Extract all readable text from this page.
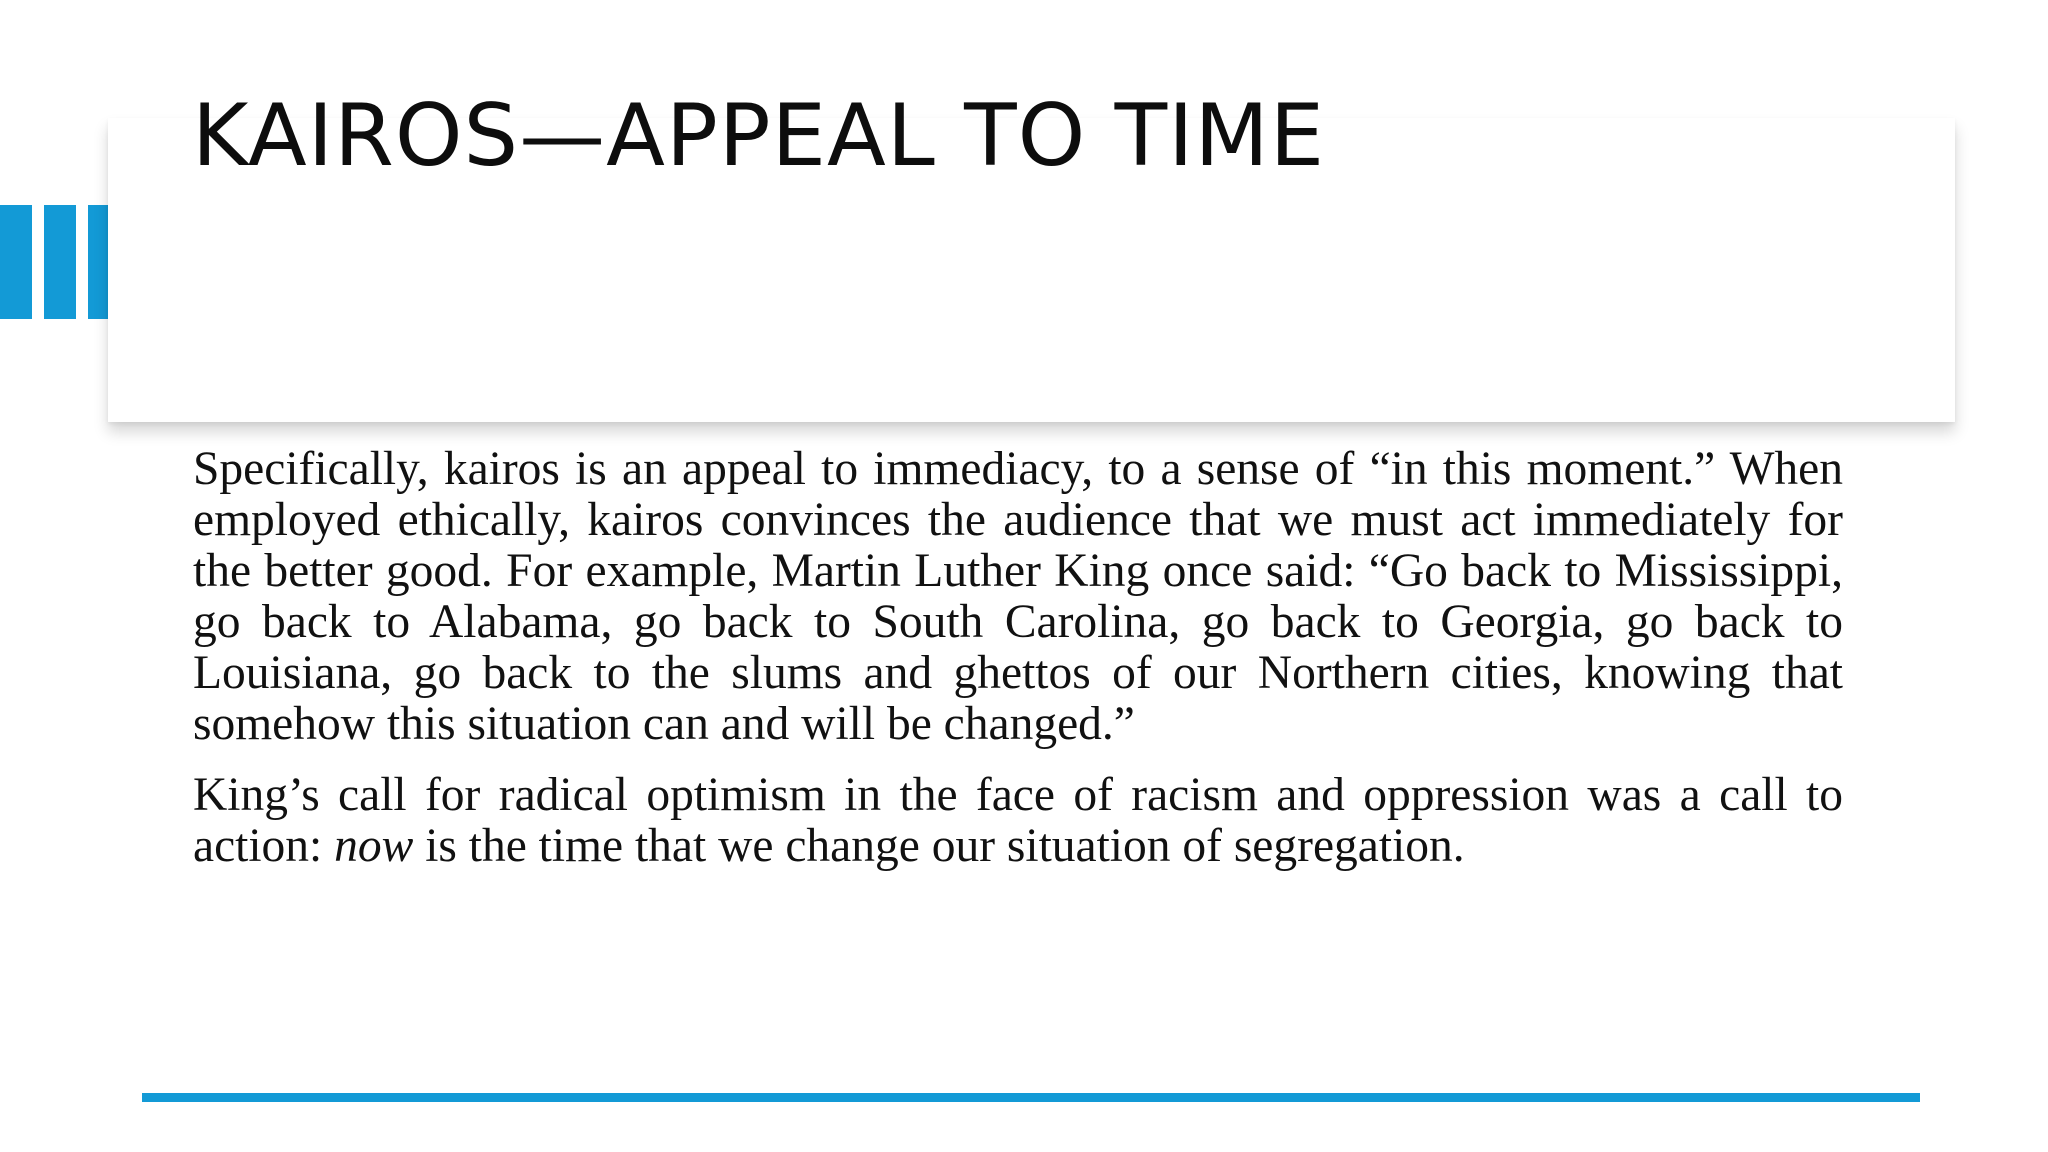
KAIROS—APPEAL TO TIME

Specifically, kairos is an appeal to immediacy, to a sense of “in this moment.” When employed ethically, kairos convinces the audience that we must act immediately for the better good. For example, Martin Luther King once said: “Go back to Mississippi, go back to Alabama, go back to South Carolina, go back to Georgia, go back to Louisiana, go back to the slums and ghettos of our Northern cities, knowing that somehow this situation can and will be changed.”

King’s call for radical optimism in the face of racism and oppression was a call to action: now is the time that we change our situation of segregation.
